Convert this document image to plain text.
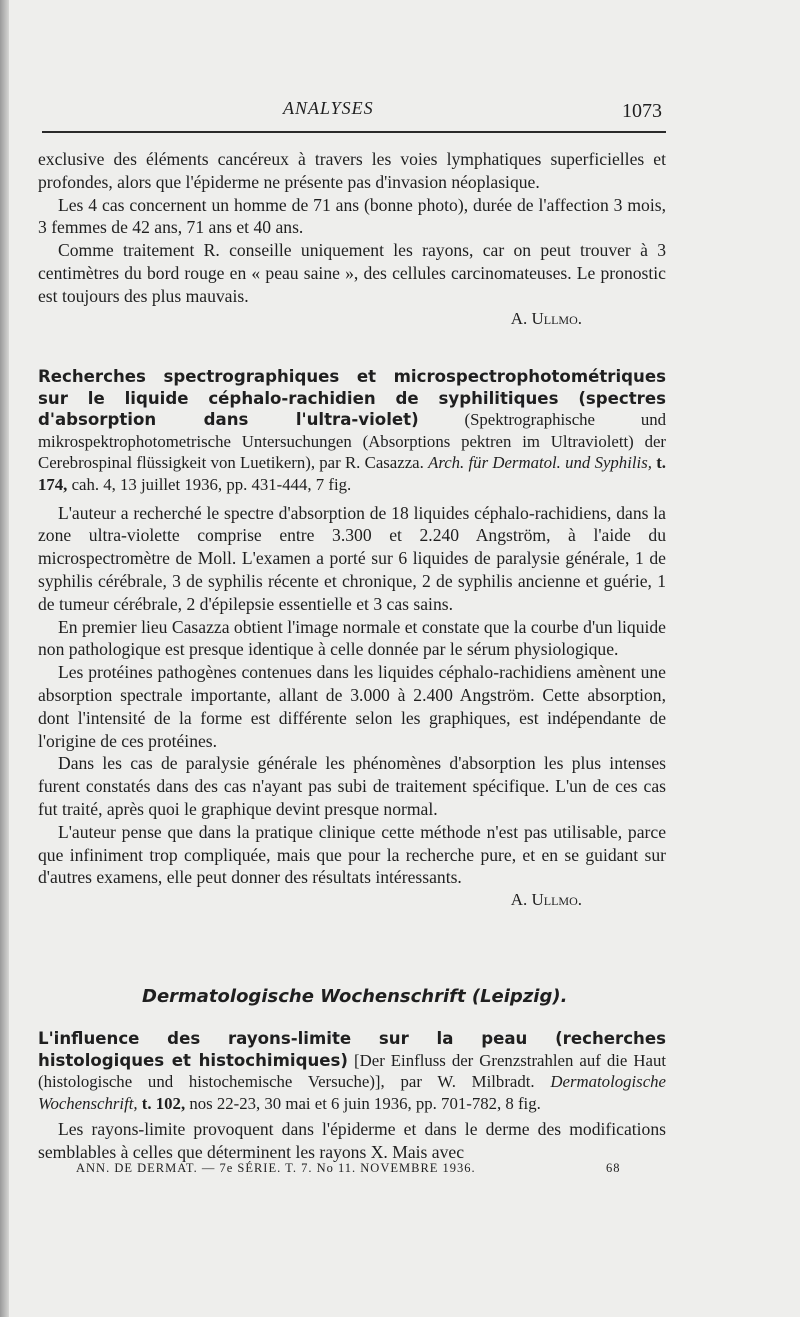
ANALYSES	1073

exclusive des éléments cancéreux à travers les voies lymphatiques superficielles et profondes, alors que l'épiderme ne présente pas d'invasion néoplasique.

Les 4 cas concernent un homme de 71 ans (bonne photo), durée de l'affection 3 mois, 3 femmes de 42 ans, 71 ans et 40 ans.

Comme traitement R. conseille uniquement les rayons, car on peut trouver à 3 centimètres du bord rouge en « peau saine », des cellules carcinomateuses. Le pronostic est toujours des plus mauvais.

A. Ullmo.

Recherches spectrographiques et microspectrophotométriques sur le liquide céphalo-rachidien de syphilitiques (spectres d'absorption dans l'ultra-violet)	(Spektrographische und mikrospektrophotometrische Untersuchungen (Absorptions pektren im Ultraviolett) der Cerebrospinal flüssigkeit von Luetikern), par R. Casazza. Arch. für Dermatol. und Syphilis, t. 174, cah. 4, 13 juillet 1936, pp. 431-444, 7 fig.

L'auteur a recherché le spectre d'absorption de 18 liquides céphalo-rachidiens, dans la zone ultra-violette comprise entre 3.300 et 2.240 Angström, à l'aide du microspectromètre de Moll. L'examen a porté sur 6 liquides de paralysie générale, 1 de syphilis cérébrale, 3 de syphilis récente et chronique, 2 de syphilis ancienne et guérie, 1 de tumeur cérébrale, 2 d'épilepsie essentielle et 3 cas sains.

En premier lieu Casazza obtient l'image normale et constate que la courbe d'un liquide non pathologique est presque identique à celle donnée par le sérum physiologique.

Les protéines pathogènes contenues dans les liquides céphalo-rachidiens amènent une absorption spectrale importante, allant de 3.000 à 2.400 Angström. Cette absorption, dont l'intensité de la forme est différente selon les graphiques, est indépendante de l'origine de ces protéines.

Dans les cas de paralysie générale les phénomènes d'absorption les plus intenses furent constatés dans des cas n'ayant pas subi de traitement spécifique. L'un de ces cas fut traité, après quoi le graphique devint presque normal.

L'auteur pense que dans la pratique clinique cette méthode n'est pas utilisable, parce que infiniment trop compliquée, mais que pour la recherche pure, et en se guidant sur d'autres examens, elle peut donner des résultats intéressants.

A. Ullmo.

Dermatologische Wochenschrift (Leipzig).
L'influence des rayons-limite sur la peau (recherches histologiques et histochimiques) [Der Einfluss der Grenzstrahlen auf die Haut (histologische und histochemische Versuche)], par W. Milbradt. Dermatologische Wochenschrift, t. 102, nos 22-23, 30 mai et 6 juin 1936, pp. 701-782, 8 fig.

Les rayons-limite provoquent dans l'épiderme et dans le derme des modifications semblables à celles que déterminent les rayons X. Mais avec

ANN. DE DERMAT. — 7e SÉRIE. T. 7. No 11. NOVEMBRE 1936.	68
